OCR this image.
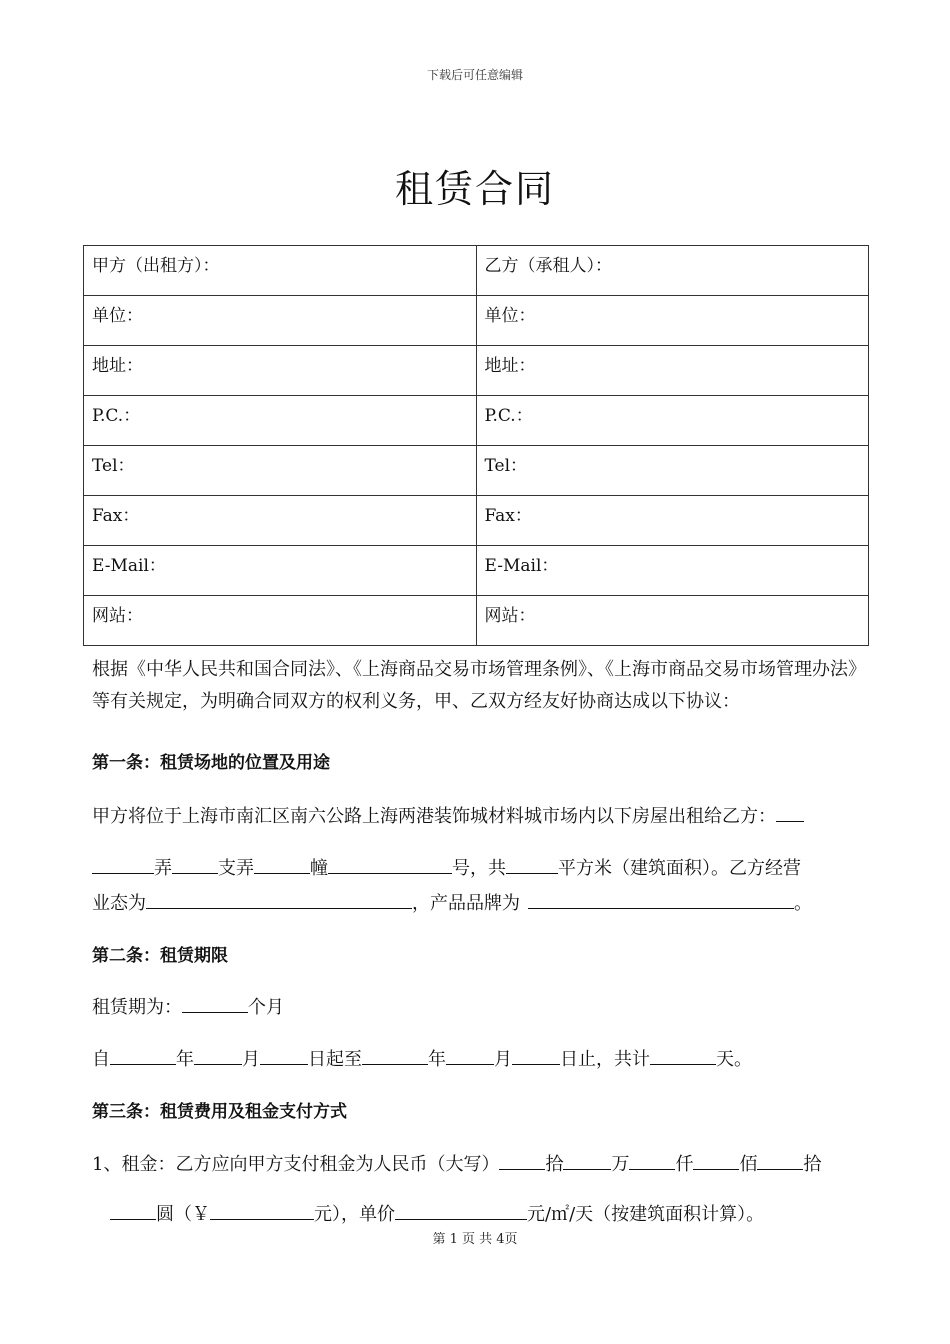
下载后可任意编辑
租赁合同
甲方（出租方）：	乙方（承租人）：
单位：	单位：
地址：	地址：
P.C.：	P.C.：
Tel：	Tel：
Fax：	Fax：
E-Mail：	E-Mail：
网站：	网站：

根据《中华人民共和国合同法》、《上海商品交易市场管理条例》、《上海市商品交易市场管理办法》等有关规定，为明确合同双方的权利义务，甲、乙双方经友好协商达成以下协议：

第一条：租赁场地的位置及用途

甲方将位于上海市南汇区南六公路上海两港装饰城材料城市场内以下房屋出租给乙方：

弄	支弄	幢	号，共	平方米（建筑面积）。乙方经营

业态为	，产品品牌为	。

第二条：租赁期限

租赁期为：	个月

自	年	月	日起至	年	月	日止，共计	天。

第三条：租赁费用及租金支付方式

1、租金：乙方应向甲方支付租金为人民币（大写）	拾	万	仟	佰	拾

圆（￥	元），单价	元/㎡/天（按建筑面积计算）。

第 1 页 共 4页
